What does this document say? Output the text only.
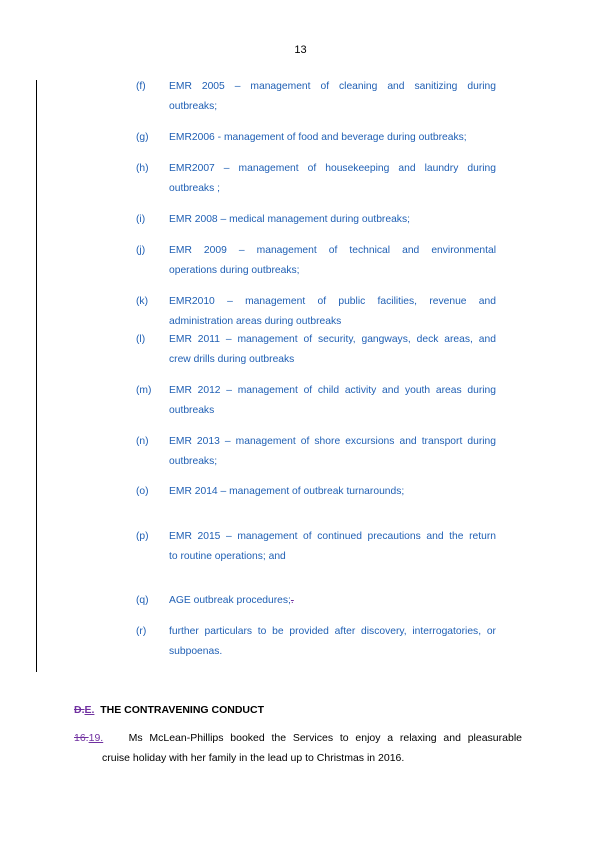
13
(f) EMR 2005 – management of cleaning and sanitizing during
outbreaks;
(g) EMR2006 - management of food and beverage during outbreaks;
(h) EMR2007 – management of housekeeping and laundry during
outbreaks ;
(i) EMR 2008 – medical management during outbreaks;
(j) EMR 2009 – management of technical and environmental
operations during outbreaks;
(k) EMR2010 – management of public facilities, revenue and
administration areas during outbreaks
(l) EMR 2011 – management of security, gangways, deck areas, and
crew drills during outbreaks
(m) EMR 2012 – management of child activity and youth areas during
outbreaks
(n) EMR 2013 – management of shore excursions and transport during
outbreaks;
(o) EMR 2014 – management of outbreak turnarounds;
(p) EMR 2015 – management of continued precautions and the return
to routine operations; and
(q) AGE outbreak procedures;.
(r) further particulars to be provided after discovery, interrogatories, or
subpoenas.
D.E. THE CONTRAVENING CONDUCT
16.19. Ms McLean-Phillips booked the Services to enjoy a relaxing and pleasurable
cruise holiday with her family in the lead up to Christmas in 2016.
